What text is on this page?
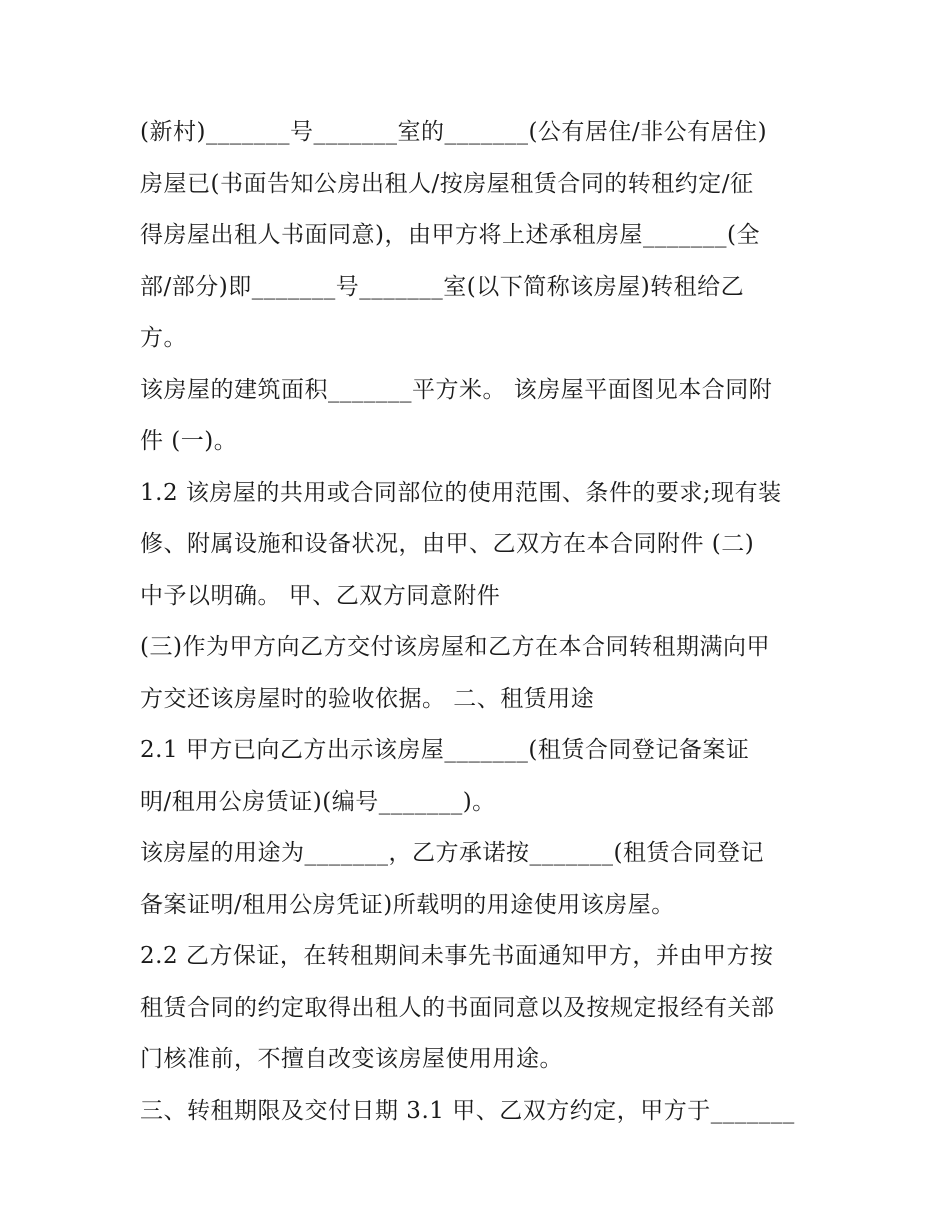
(新村)_______号_______室的_______(公有居住/非公有居住)
房屋已(书面告知公房出租人/按房屋租赁合同的转租约定/征
得房屋出租人书面同意)，由甲方将上述承租房屋_______(全
部/部分)即_______号_______室(以下简称该房屋)转租给乙
方。
该房屋的建筑面积_______平方米。 该房屋平面图见本合同附
件 (一)。
1.2 该房屋的共用或合同部位的使用范围、条件的要求;现有装
修、附属设施和设备状况，由甲、乙双方在本合同附件 (二)
中予以明确。 甲、乙双方同意附件
(三)作为甲方向乙方交付该房屋和乙方在本合同转租期满向甲
方交还该房屋时的验收依据。 二、租赁用途
2.1 甲方已向乙方出示该房屋_______(租赁合同登记备案证
明/租用公房赁证)(编号_______)。
该房屋的用途为_______，乙方承诺按_______(租赁合同登记
备案证明/租用公房凭证)所载明的用途使用该房屋。
2.2 乙方保证，在转租期间未事先书面通知甲方，并由甲方按
租赁合同的约定取得出租人的书面同意以及按规定报经有关部
门核准前，不擅自改变该房屋使用用途。
三、转租期限及交付日期 3.1 甲、乙双方约定，甲方于_______
